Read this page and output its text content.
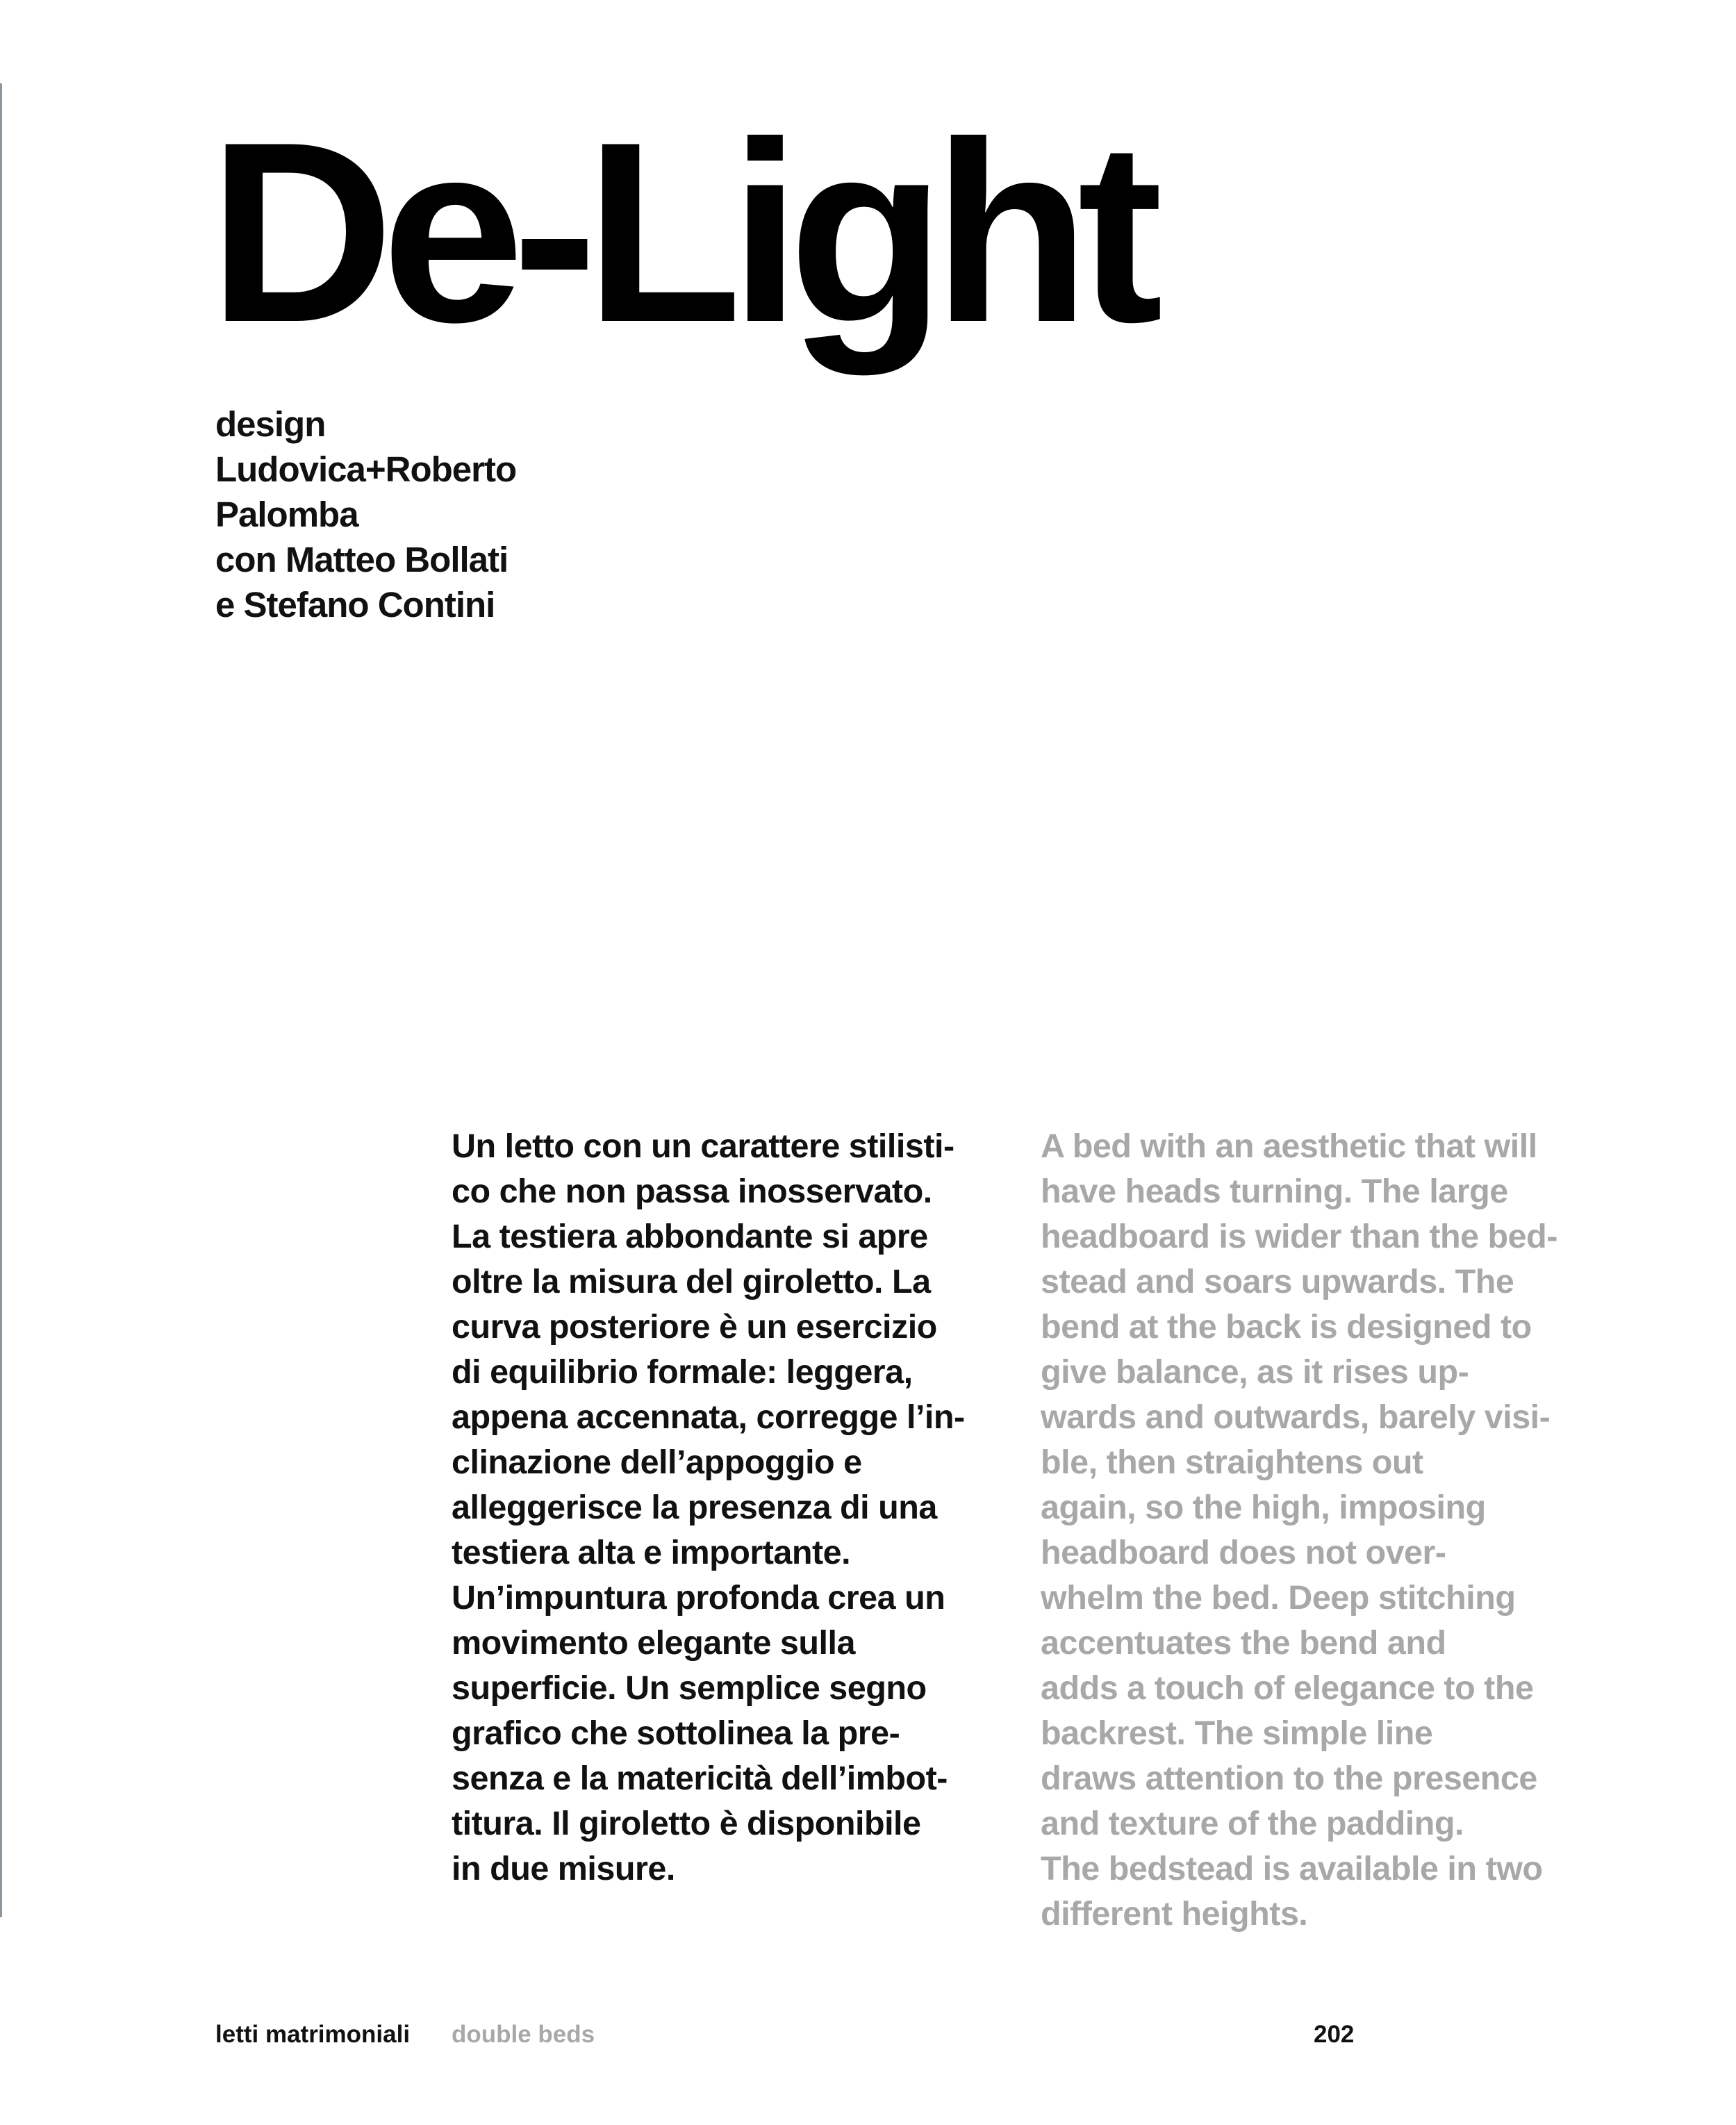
De-Light
design
Ludovica+Roberto
Palomba
con Matteo Bollati
e Stefano Contini
Un letto con un carattere stilisti-
co che non passa inosservato.
La testiera abbondante si apre
oltre la misura del giroletto. La
curva posteriore è un esercizio
di equilibrio formale: leggera,
appena accennata, corregge l’in-
clinazione dell’appoggio e
alleggerisce la presenza di una
testiera alta e importante.
Un’impuntura profonda crea un
movimento elegante sulla
superficie. Un semplice segno
grafico che sottolinea la pre-
senza e la matericità dell’imbot-
titura. Il giroletto è disponibile
in due misure.
A bed with an aesthetic that will
have heads turning. The large
headboard is wider than the bed-
stead and soars upwards. The
bend at the back is designed to
give balance, as it rises up-
wards and outwards, barely visi-
ble, then straightens out
again, so the high, imposing
headboard does not over-
whelm the bed. Deep stitching
accentuates the bend and
adds a touch of elegance to the
backrest. The simple line
draws attention to the presence
and texture of the padding.
The bedstead is available in two
different heights.
letti matrimoniali double beds	202
